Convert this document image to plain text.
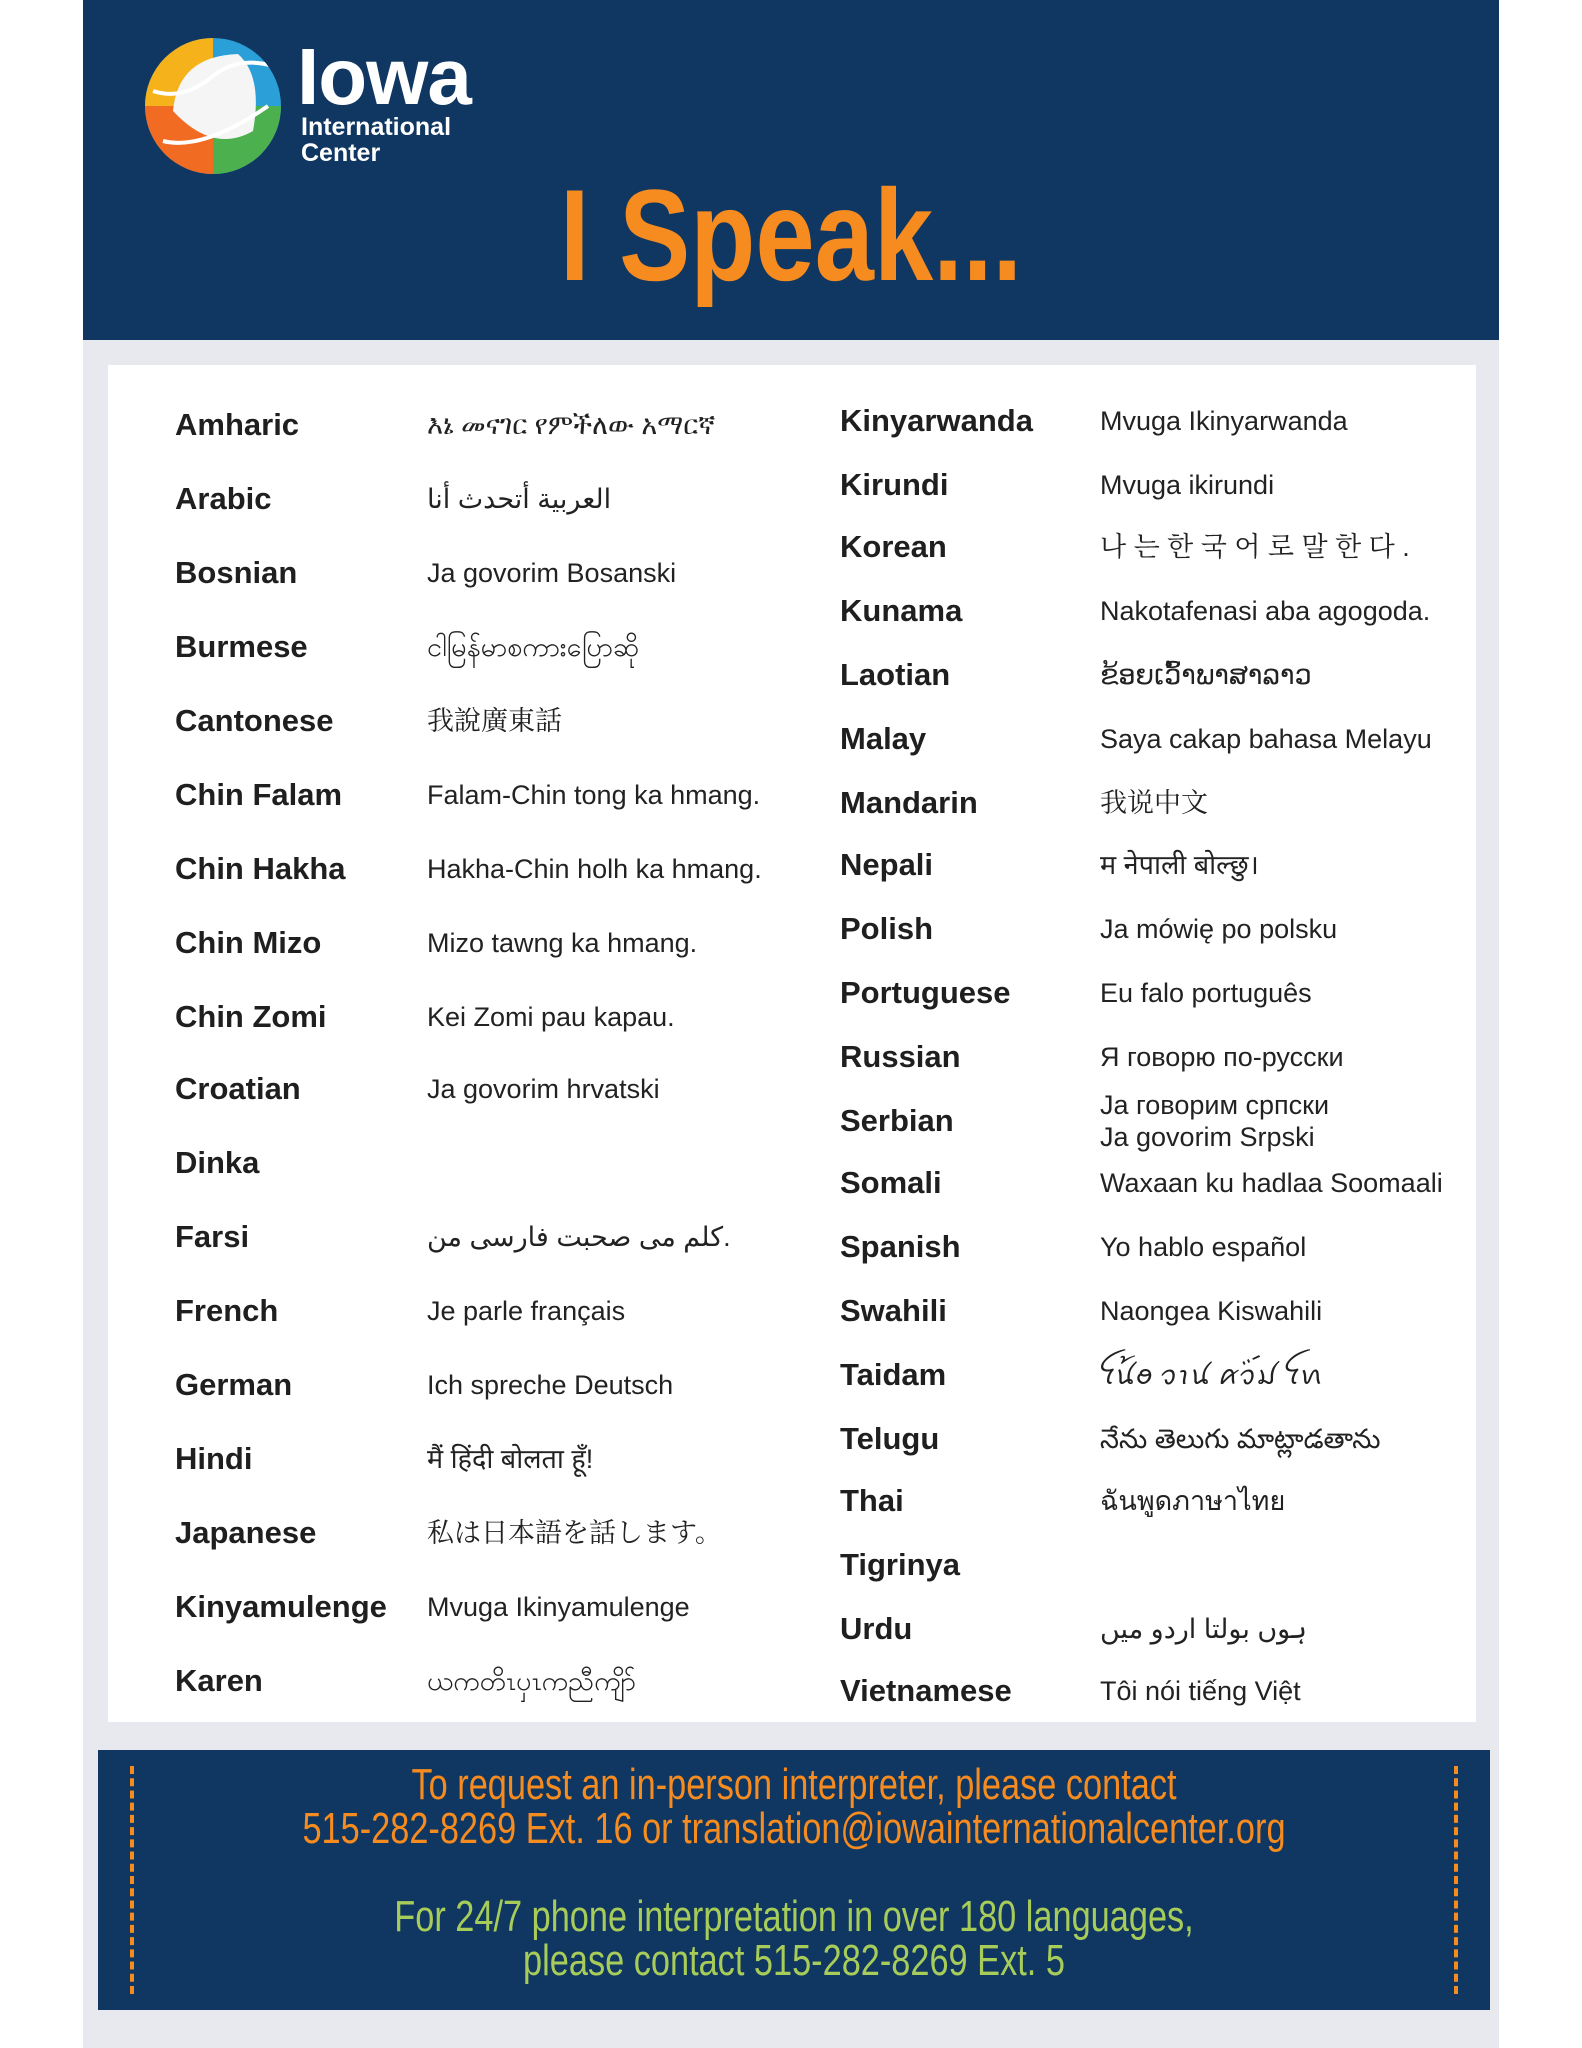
Iowa
International
Center
I Speak...
Amharic	እኔ መናገር የምችለው አማርኛ
Arabic	العربية أتحدث أنا
Bosnian	Ja govorim Bosanski
Burmese	ငါမြန်မာစကားပြောဆို
Cantonese	我說廣東話
Chin Falam	Falam-Chin tong ka hmang.
Chin Hakha	Hakha-Chin holh ka hmang.
Chin Mizo	Mizo tawng ka hmang.
Chin Zomi	Kei Zomi pau kapau.
Croatian	Ja govorim hrvatski
Dinka
Farsi	.کلم می صحبت فارسی من
French	Je parle français
German	Ich spreche Deutsch
Hindi	मैं हिंदी बोलता हूँ!
Japanese	私は日本語を話します。
Kinyamulenge Mvuga Ikinyamulenge
Karen	ယကတိၤပှၤကညီကျိာ်
Kinyarwanda Mvuga Ikinyarwanda
Kirundi	Mvuga ikirundi
Korean	나 는 한 국 어 로 말 한 다 .
Kunama	Nakotafenasi aba agogoda.
Laotian	ຂ້ອຍເວົ້າພາສາລາວ
Malay	Saya cakap bahasa Melayu
Mandarin	我说中文
Nepali	म नेपाली बोल्छु।
Polish	Ja mówię po polsku
Portuguese	Eu falo português
Russian	Я говорю по-русски
Serbian	Ja говорим српски
Ja govorim Srpski
Somali	Waxaan ku hadlaa Soomaali
Spanish	Yo hablo español
Swahili	Naongea Kiswahili
Taidam	ꪼꪙ꫁ꪮ ꪫꪱꪙ ꪁꪫꪾꪣ ꪼꪕ
Telugu	నేను తెలుగు మాట్లాడతాను
Thai	ฉันพูดภาษาไทย
Tigrinya
Urdu	ہوں بولتا اردو میں
Vietnamese	Tôi nói tiếng Việt
To request an in-person interpreter, please contact
515-282-8269 Ext. 16 or translation@iowainternationalcenter.org
For 24/7 phone interpretation in over 180 languages,
please contact 515-282-8269 Ext. 5
